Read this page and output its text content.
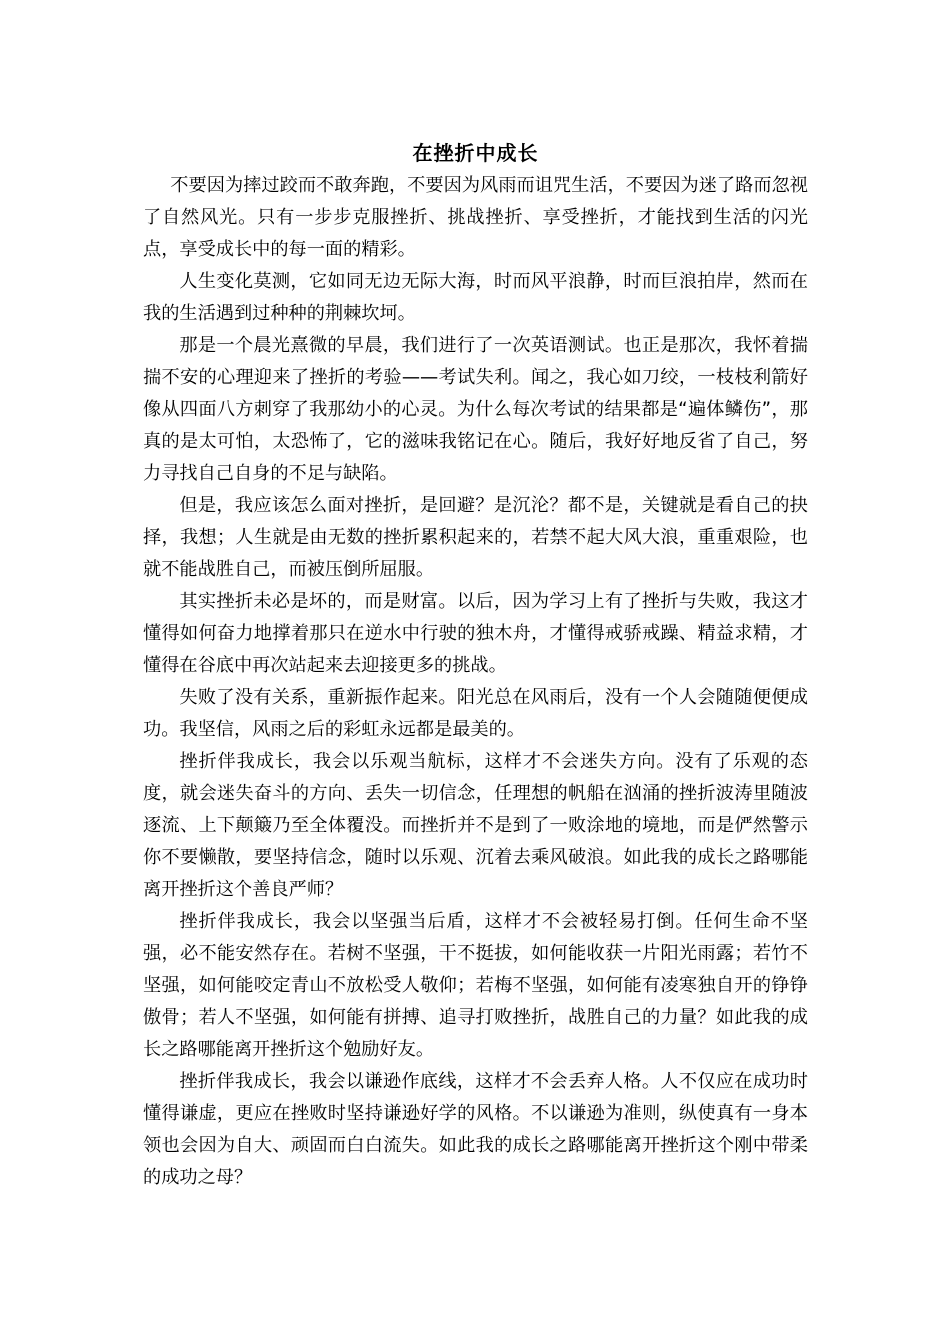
在挫折中成长

不要因为摔过跤而不敢奔跑，不要因为风雨而诅咒生活，不要因为迷了路而忽视了自然风光。只有一步步克服挫折、挑战挫折、享受挫折，才能找到生活的闪光点，享受成长中的每一面的精彩。

人生变化莫测，它如同无边无际大海，时而风平浪静，时而巨浪拍岸，然而在我的生活遇到过种种的荆棘坎坷。

那是一个晨光熹微的早晨，我们进行了一次英语测试。也正是那次，我怀着揣揣不安的心理迎来了挫折的考验——考试失利。闻之，我心如刀绞，一枝枝利箭好像从四面八方刺穿了我那幼小的心灵。为什么每次考试的结果都是“遍体鳞伤”，那真的是太可怕，太恐怖了，它的滋味我铭记在心。随后，我好好地反省了自己，努力寻找自己自身的不足与缺陷。

但是，我应该怎么面对挫折，是回避？是沉沦？都不是，关键就是看自己的抉择，我想；人生就是由无数的挫折累积起来的，若禁不起大风大浪，重重艰险，也就不能战胜自己，而被压倒所屈服。

其实挫折未必是坏的，而是财富。以后，因为学习上有了挫折与失败，我这才懂得如何奋力地撑着那只在逆水中行驶的独木舟，才懂得戒骄戒躁、精益求精，才懂得在谷底中再次站起来去迎接更多的挑战。

失败了没有关系，重新振作起来。阳光总在风雨后，没有一个人会随随便便成功。我坚信，风雨之后的彩虹永远都是最美的。

挫折伴我成长，我会以乐观当航标，这样才不会迷失方向。没有了乐观的态度，就会迷失奋斗的方向、丢失一切信念，任理想的帆船在汹涌的挫折波涛里随波逐流、上下颠簸乃至全体覆没。而挫折并不是到了一败涂地的境地，而是俨然警示你不要懒散，要坚持信念，随时以乐观、沉着去乘风破浪。如此我的成长之路哪能离开挫折这个善良严师？

挫折伴我成长，我会以坚强当后盾，这样才不会被轻易打倒。任何生命不坚强，必不能安然存在。若树不坚强，干不挺拔，如何能收获一片阳光雨露；若竹不坚强，如何能咬定青山不放松受人敬仰；若梅不坚强，如何能有凌寒独自开的铮铮傲骨；若人不坚强，如何能有拼搏、追寻打败挫折，战胜自己的力量？如此我的成长之路哪能离开挫折这个勉励好友。

挫折伴我成长，我会以谦逊作底线，这样才不会丢弃人格。人不仅应在成功时懂得谦虚，更应在挫败时坚持谦逊好学的风格。不以谦逊为准则，纵使真有一身本领也会因为自大、顽固而白白流失。如此我的成长之路哪能离开挫折这个刚中带柔的成功之母？
